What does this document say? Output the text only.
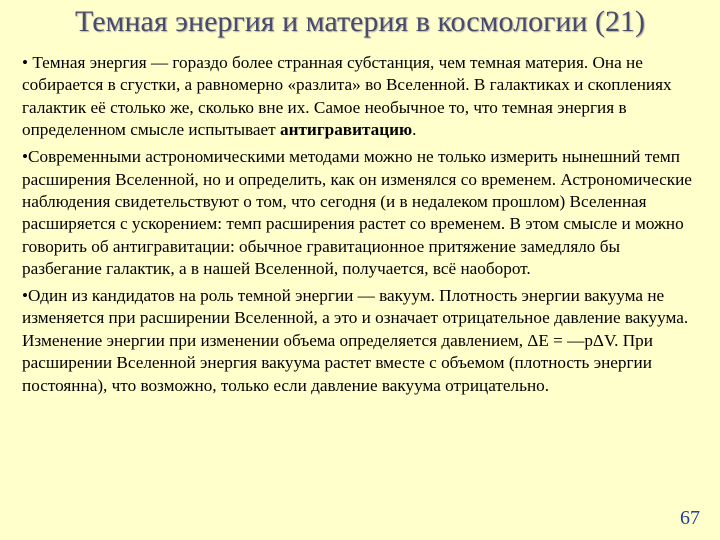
Темная энергия и материя в космологии (21)

• Темная энергия — гораздо более странная субстанция, чем темная материя. Она не собирается в сгустки, а равномерно «разлита» во Вселенной. В галактиках и скоплениях галактик её столько же, сколько вне их. Самое необычное то, что темная энергия в определенном смысле испытывает антигравитацию.

•Современными астрономическими методами можно не только измерить нынешний темп расширения Вселенной, но и определить, как он изменялся со временем. Астрономические наблюдения свидетельствуют о том, что сегодня (и в недалеком прошлом) Вселенная расширяется с ускорением: темп расширения растет со временем. В этом смысле и можно говорить об антигравитации: обычное гравитационное притяжение замедляло бы разбегание галактик, а в нашей Вселенной, получается, всё наоборот.

•Один из кандидатов на роль темной энергии — вакуум. Плотность энергии вакуума не изменяется при расширении Вселенной, а это и означает отрицательное давление вакуума. Изменение энергии при изменении объема определяется давлением, ΔE = —pΔV. При расширении Вселенной энергия вакуума растет вместе с объемом (плотность энергии постоянна), что возможно, только если давление вакуума отрицательно.

67
